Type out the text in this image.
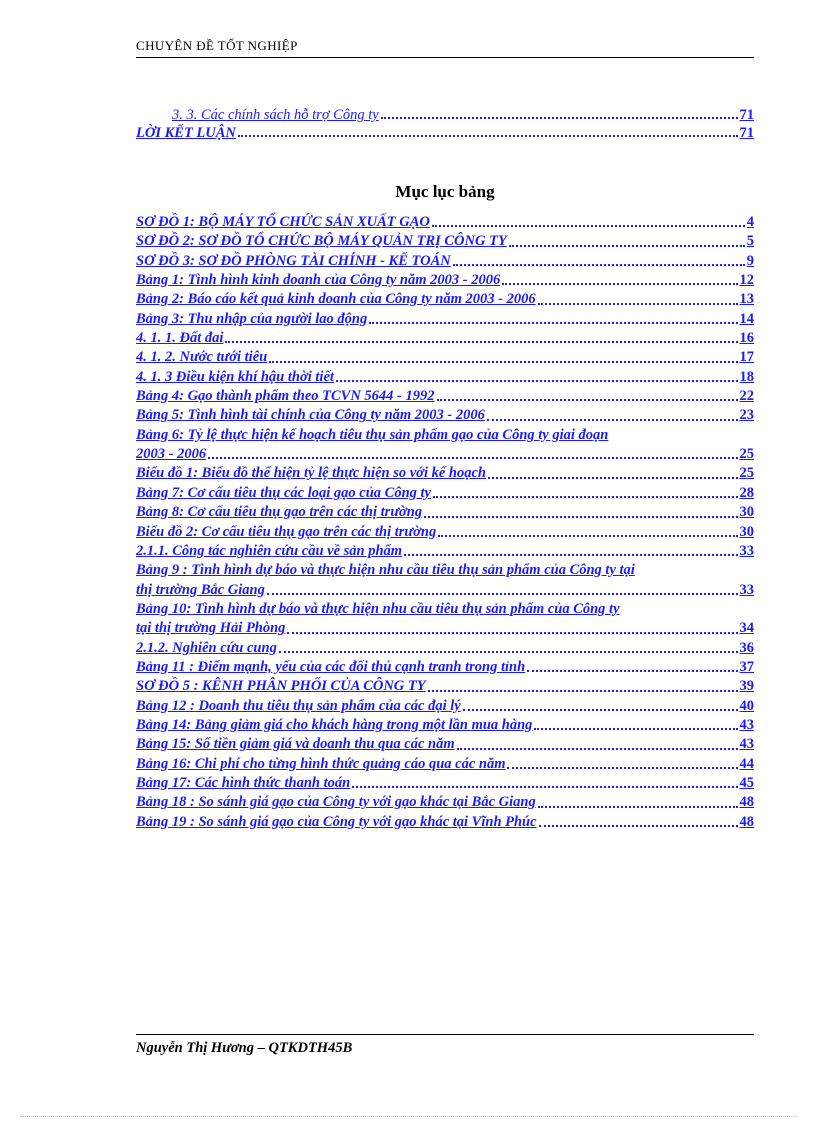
CHUYÊN ĐỀ TỐT NGHIỆP
3. 3. Các chính sách hỗ trợ Công ty	71
LỜI KẾT LUẬN	71
Mục lục bảng
SƠ ĐỒ 1: BỘ MÁY TỔ CHỨC SẢN XUẤT GẠO	4
SƠ ĐỒ 2: SƠ ĐỒ TỔ CHỨC BỘ MÁY QUẢN TRỊ CÔNG TY	5
SƠ ĐỒ 3: SƠ ĐỒ PHÒNG TÀI CHÍNH - KẾ TOÁN	9
Bảng 1: Tình hình kinh doanh của Công ty năm 2003 - 2006	12
Bảng 2: Báo cáo kết quả kinh doanh của Công ty năm 2003 - 2006	13
Bảng 3: Thu nhập của người lao động	14
4. 1. 1. Đất đai	16
4. 1. 2. Nước tưới tiêu	17
4. 1. 3 Điều kiện khí hậu thời tiết	18
Bảng 4: Gạo thành phẩm theo TCVN 5644 - 1992	22
Bảng 5: Tình hình tài chính của Công ty năm 2003 - 2006	23
Bảng 6: Tỷ lệ thực hiện kế hoạch tiêu thụ sản phẩm gạo của Công ty giai đoạn
2003 - 2006	25
Biểu đồ 1: Biểu đồ thể hiện tỷ lệ thực hiện so với kế hoạch	25
Bảng 7: Cơ cấu tiêu thụ các loại gạo của Công ty	28
Bảng 8: Cơ cấu tiêu thụ gạo trên các thị trường	30
Biểu đồ 2: Cơ cấu tiêu thụ gạo trên các thị trường	30
2.1.1. Công tác nghiên cứu cầu về sản phẩm	33
Bảng 9 : Tình hình dự báo và thực hiện nhu cầu tiêu thụ sản phẩm của Công ty tại
thị trường Bắc Giang	33
Bảng 10: Tình hình dự báo và thực hiện nhu cầu tiêu thụ sản phẩm của Công ty
tại thị trường Hải Phòng	34
2.1.2. Nghiên cứu cung	36
Bảng 11 : Điểm mạnh, yếu của các đối thủ cạnh tranh trong tỉnh	37
SƠ ĐỒ 5 : KÊNH PHÂN PHỐI CỦA CÔNG TY	39
Bảng 12 : Doanh thu tiêu thụ sản phẩm của các đại lý	40
Bảng 14: Bảng giảm giá cho khách hàng trong một lần mua hàng	43
Bảng 15: Số tiền giảm giá và doanh thu qua các năm	43
Bảng 16: Chi phí cho từng hình thức quảng cáo qua các năm	44
Bảng 17: Các hình thức thanh toán	45
Bảng 18 : So sánh giá gạo của Công ty với gạo khác tại Bắc Giang	48
Bảng 19 : So sánh giá gạo của Công ty với gạo khác tại Vĩnh Phúc	48
Nguyễn Thị Hương – QTKDTH45B
